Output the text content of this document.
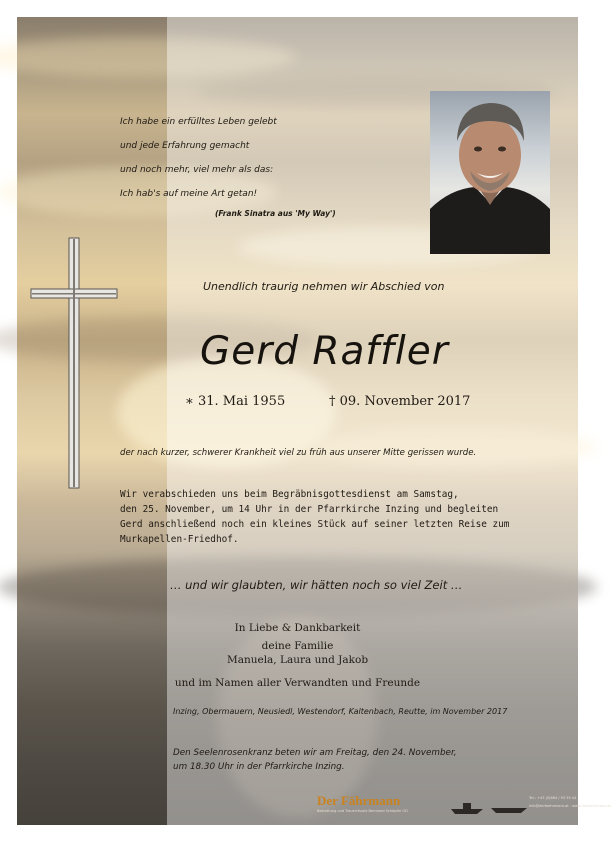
Ich habe ein erfülltes Leben gelebt
und jede Erfahrung gemacht
und noch mehr, viel mehr als das:
Ich hab's auf meine Art getan!
(Frank Sinatra aus 'My Way')
Unendlich traurig nehmen wir Abschied von
Gerd Raffler
∗ 31. Mai 1955	† 09. November 2017
der nach kurzer, schwerer Krankheit viel zu früh aus unserer Mitte gerissen wurde.
Wir verabschieden uns beim Begräbnisgottesdienst am Samstag,
den 25. November, um 14 Uhr in der Pfarrkirche Inzing und begleiten
Gerd anschließend noch ein kleines Stück auf seiner letzten Reise zum
Murkapellen-Friedhof.
… und wir glaubten, wir hätten noch so viel Zeit …
In Liebe & Dankbarkeit
deine Familie
Manuela, Laura und Jakob
und im Namen aller Verwandten und Freunde
Inzing, Obermauern, Neusiedl, Westendorf, Kaltenbach, Reutte, im November 2017
Den Seelenrosenkranz beten wir am Freitag, den 24. November,
um 18.30 Uhr in der Pfarrkirche Inzing.
Der Fährmann
Bestattung und Trauerrituale Bernhard Schöpfer OG
Tel.: +43 (0)664 / 93 39 44
info@derfaehrmann.at · www.derfaehrmann.at
